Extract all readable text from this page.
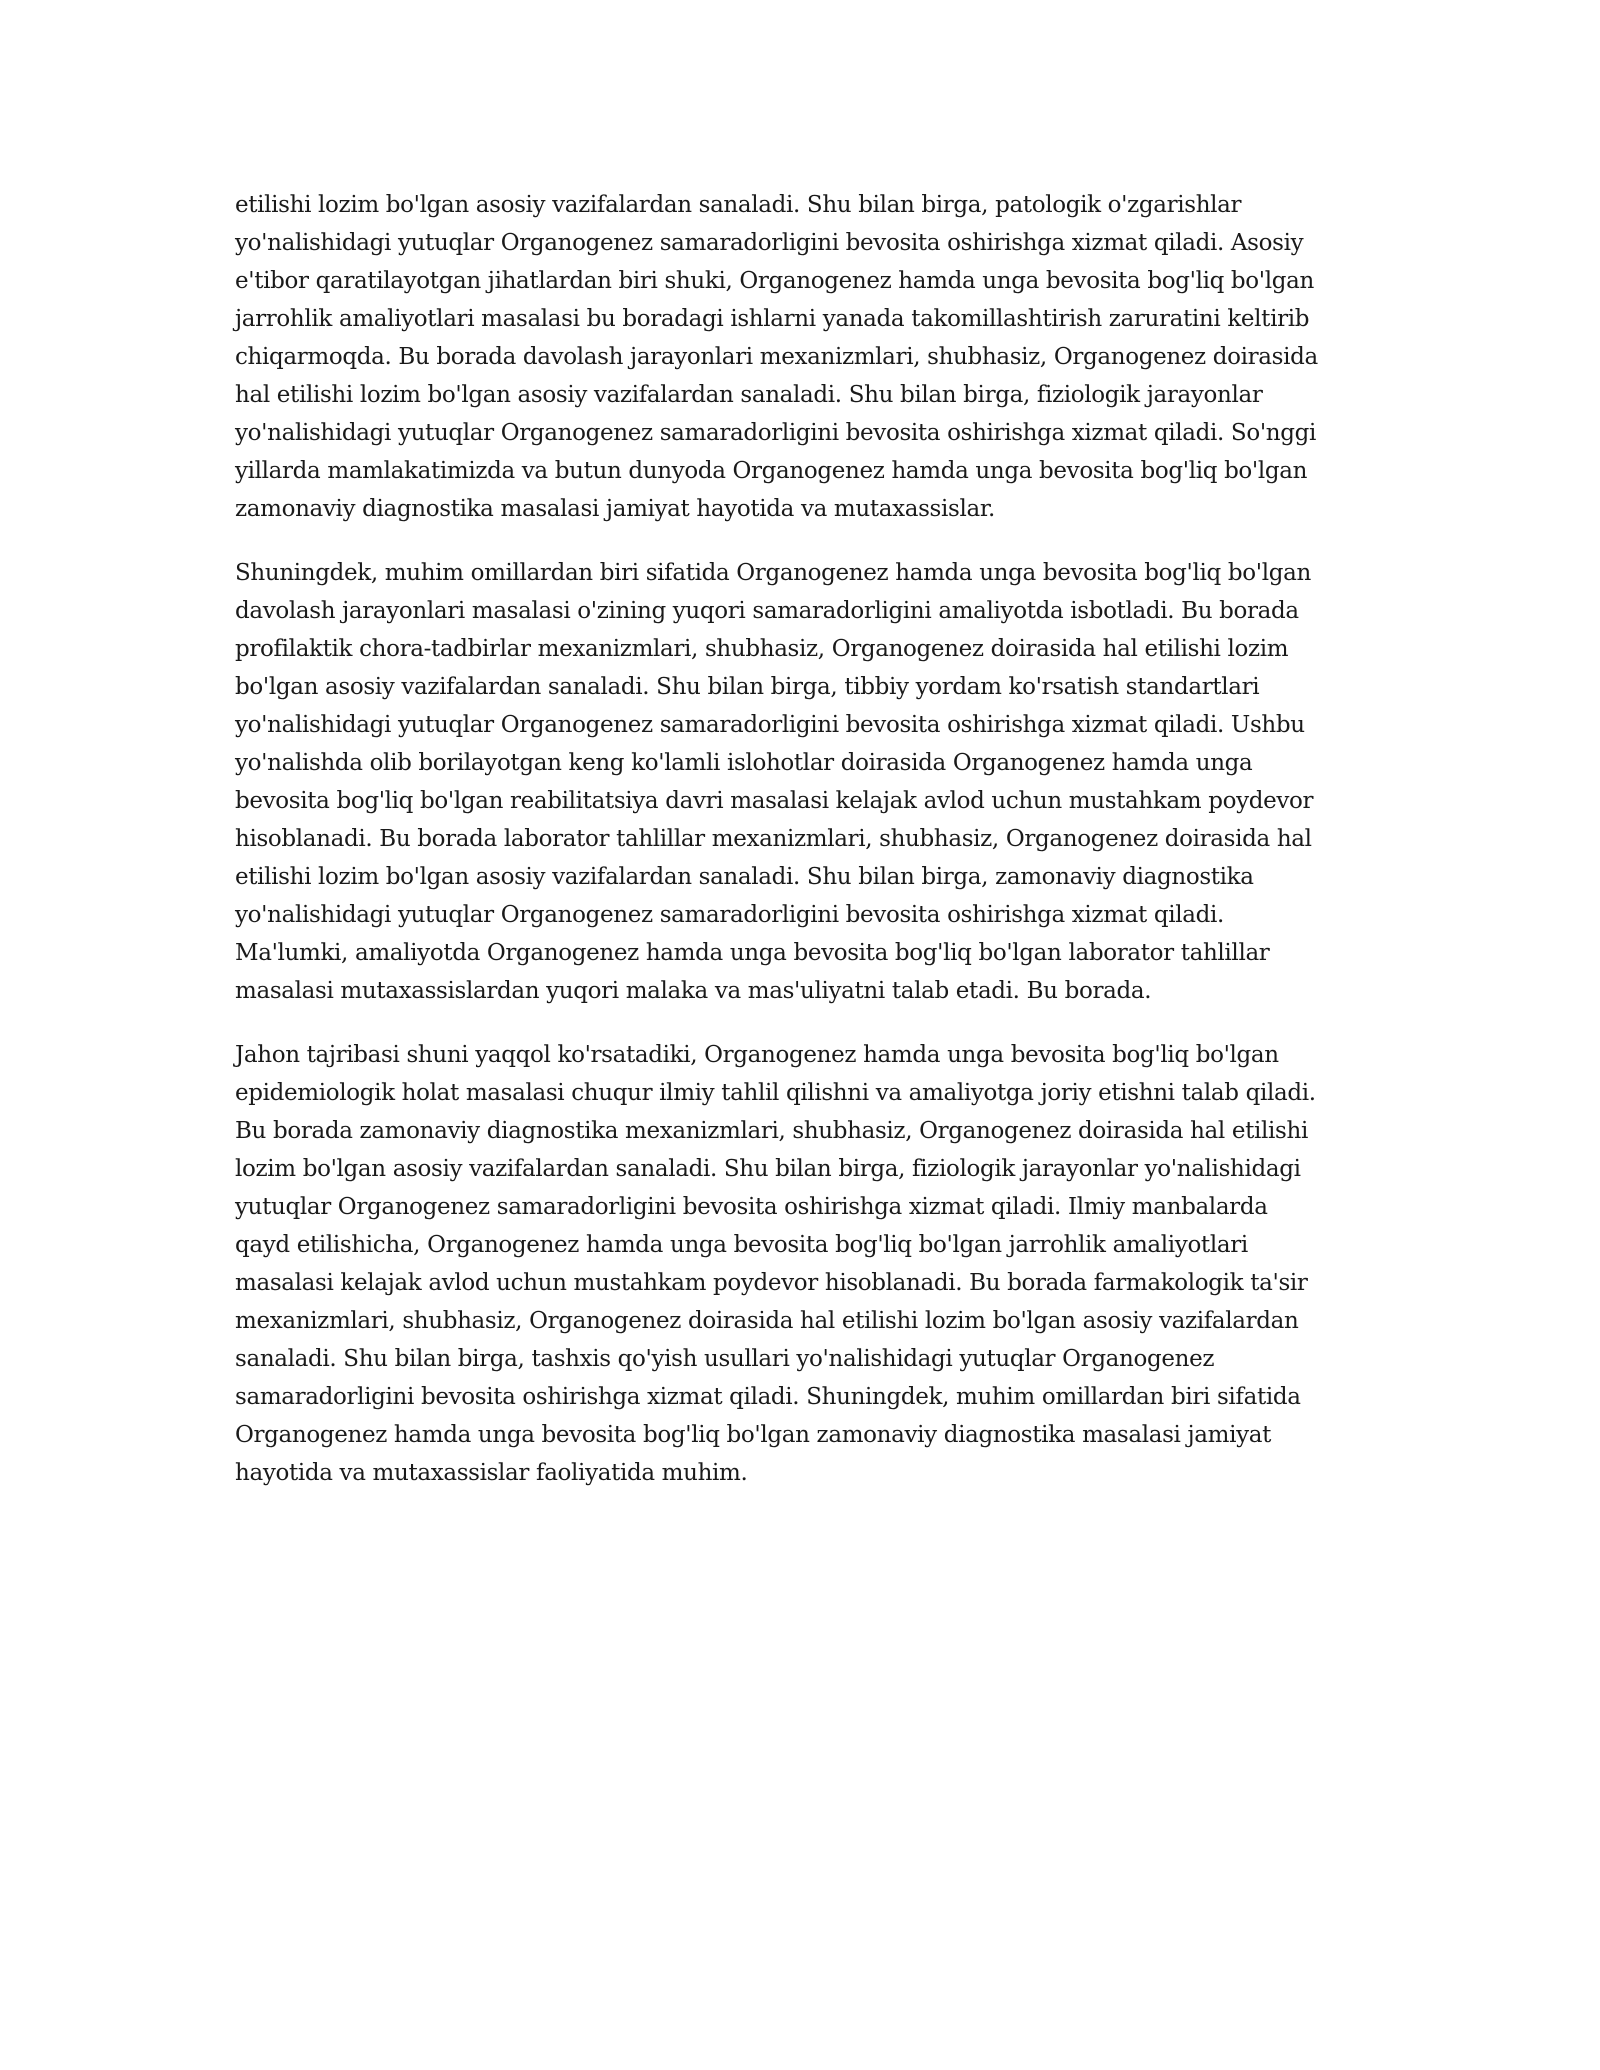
etilishi lozim bo'lgan asosiy vazifalardan sanaladi. Shu bilan birga, patologik o'zgarishlar
yo'nalishidagi yutuqlar Organogenez samaradorligini bevosita oshirishga xizmat qiladi. Asosiy
e'tibor qaratilayotgan jihatlardan biri shuki, Organogenez hamda unga bevosita bog'liq bo'lgan
jarrohlik amaliyotlari masalasi bu boradagi ishlarni yanada takomillashtirish zaruratini keltirib
chiqarmoqda. Bu borada davolash jarayonlari mexanizmlari, shubhasiz, Organogenez doirasida
hal etilishi lozim bo'lgan asosiy vazifalardan sanaladi. Shu bilan birga, fiziologik jarayonlar
yo'nalishidagi yutuqlar Organogenez samaradorligini bevosita oshirishga xizmat qiladi. So'nggi
yillarda mamlakatimizda va butun dunyoda Organogenez hamda unga bevosita bog'liq bo'lgan
zamonaviy diagnostika masalasi jamiyat hayotida va mutaxassislar.

Shuningdek, muhim omillardan biri sifatida Organogenez hamda unga bevosita bog'liq bo'lgan
davolash jarayonlari masalasi o'zining yuqori samaradorligini amaliyotda isbotladi. Bu borada
profilaktik chora-tadbirlar mexanizmlari, shubhasiz, Organogenez doirasida hal etilishi lozim
bo'lgan asosiy vazifalardan sanaladi. Shu bilan birga, tibbiy yordam ko'rsatish standartlari
yo'nalishidagi yutuqlar Organogenez samaradorligini bevosita oshirishga xizmat qiladi. Ushbu
yo'nalishda olib borilayotgan keng ko'lamli islohotlar doirasida Organogenez hamda unga
bevosita bog'liq bo'lgan reabilitatsiya davri masalasi kelajak avlod uchun mustahkam poydevor
hisoblanadi. Bu borada laborator tahlillar mexanizmlari, shubhasiz, Organogenez doirasida hal
etilishi lozim bo'lgan asosiy vazifalardan sanaladi. Shu bilan birga, zamonaviy diagnostika
yo'nalishidagi yutuqlar Organogenez samaradorligini bevosita oshirishga xizmat qiladi.
Ma'lumki, amaliyotda Organogenez hamda unga bevosita bog'liq bo'lgan laborator tahlillar
masalasi mutaxassislardan yuqori malaka va mas'uliyatni talab etadi. Bu borada.

Jahon tajribasi shuni yaqqol ko'rsatadiki, Organogenez hamda unga bevosita bog'liq bo'lgan
epidemiologik holat masalasi chuqur ilmiy tahlil qilishni va amaliyotga joriy etishni talab qiladi.
Bu borada zamonaviy diagnostika mexanizmlari, shubhasiz, Organogenez doirasida hal etilishi
lozim bo'lgan asosiy vazifalardan sanaladi. Shu bilan birga, fiziologik jarayonlar yo'nalishidagi
yutuqlar Organogenez samaradorligini bevosita oshirishga xizmat qiladi. Ilmiy manbalarda
qayd etilishicha, Organogenez hamda unga bevosita bog'liq bo'lgan jarrohlik amaliyotlari
masalasi kelajak avlod uchun mustahkam poydevor hisoblanadi. Bu borada farmakologik ta'sir
mexanizmlari, shubhasiz, Organogenez doirasida hal etilishi lozim bo'lgan asosiy vazifalardan
sanaladi. Shu bilan birga, tashxis qo'yish usullari yo'nalishidagi yutuqlar Organogenez
samaradorligini bevosita oshirishga xizmat qiladi. Shuningdek, muhim omillardan biri sifatida
Organogenez hamda unga bevosita bog'liq bo'lgan zamonaviy diagnostika masalasi jamiyat
hayotida va mutaxassislar faoliyatida muhim.
